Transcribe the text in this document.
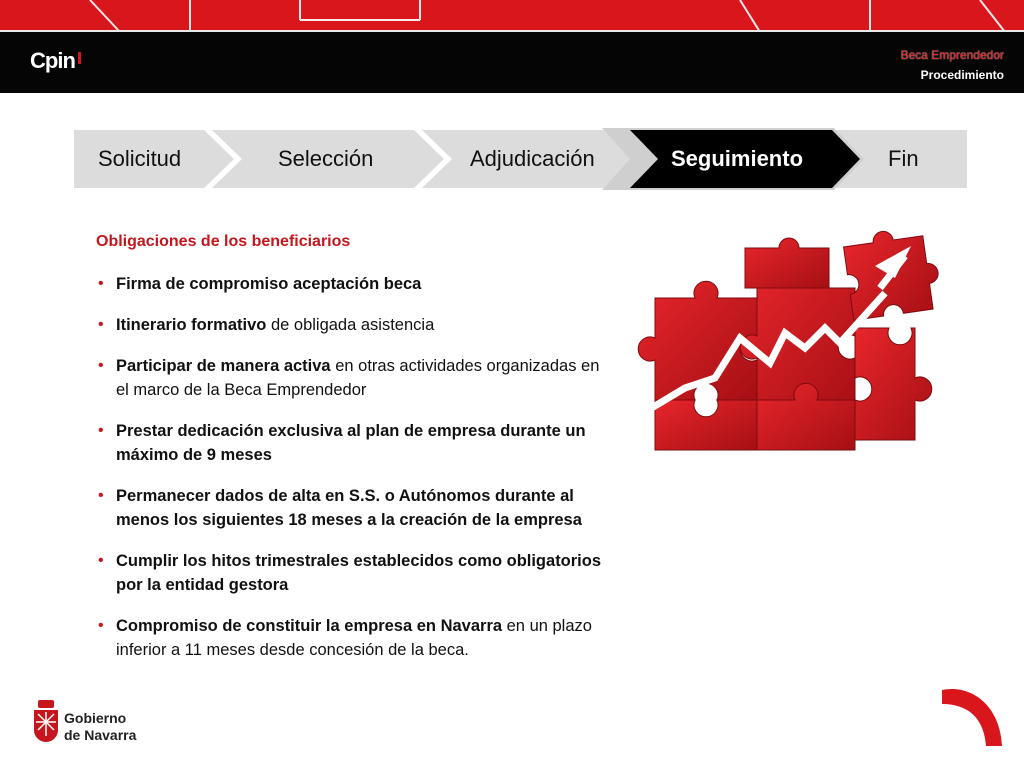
Cpin	Beca Emprendedor
Procedimiento
Solicitud	Selección	Adjudicación	Seguimiento	Fin
Obligaciones de los beneficiarios
• Firma de compromiso aceptación beca
• Itinerario formativo de obligada asistencia
• Participar de manera activa en otras actividades organizadas en el marco de la Beca Emprendedor
• Prestar dedicación exclusiva al plan de empresa durante un máximo de 9 meses
• Permanecer dados de alta en S.S. o Autónomos durante al menos los siguientes 18 meses a la creación de la empresa
• Cumplir los hitos trimestrales establecidos como obligatorios por la entidad gestora
• Compromiso de constituir la empresa en Navarra en un plazo inferior a 11 meses desde concesión de la beca.
Gobierno
de Navarra
